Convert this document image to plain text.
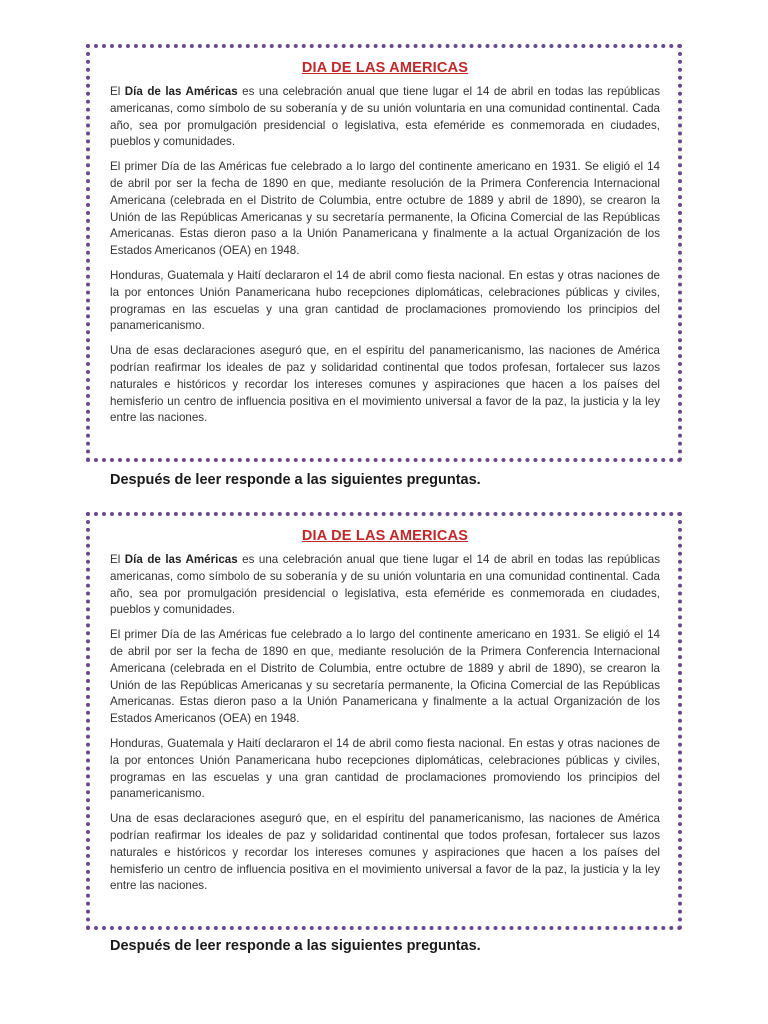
DIA DE LAS AMERICAS

El Día de las Américas es una celebración anual que tiene lugar el 14 de abril en todas las repúblicas americanas, como símbolo de su soberanía y de su unión voluntaria en una comunidad continental. Cada año, sea por promulgación presidencial o legislativa, esta efeméride es conmemorada en ciudades, pueblos y comunidades.

El primer Día de las Américas fue celebrado a lo largo del continente americano en 1931. Se eligió el 14 de abril por ser la fecha de 1890 en que, mediante resolución de la Primera Conferencia Internacional Americana (celebrada en el Distrito de Columbia, entre octubre de 1889 y abril de 1890), se crearon la Unión de las Repúblicas Americanas y su secretaría permanente, la Oficina Comercial de las Repúblicas Americanas. Estas dieron paso a la Unión Panamericana y finalmente a la actual Organización de los Estados Americanos (OEA) en 1948.

Honduras, Guatemala y Haití declararon el 14 de abril como fiesta nacional. En estas y otras naciones de la por entonces Unión Panamericana hubo recepciones diplomáticas, celebraciones públicas y civiles, programas en las escuelas y una gran cantidad de proclamaciones promoviendo los principios del panamericanismo.

Una de esas declaraciones aseguró que, en el espíritu del panamericanismo, las naciones de América podrían reafirmar los ideales de paz y solidaridad continental que todos profesan, fortalecer sus lazos naturales e históricos y recordar los intereses comunes y aspiraciones que hacen a los países del hemisferio un centro de influencia positiva en el movimiento universal a favor de la paz, la justicia y la ley entre las naciones.

Después de leer responde a las siguientes preguntas.
DIA DE LAS AMERICAS

El Día de las Américas es una celebración anual que tiene lugar el 14 de abril en todas las repúblicas americanas, como símbolo de su soberanía y de su unión voluntaria en una comunidad continental. Cada año, sea por promulgación presidencial o legislativa, esta efeméride es conmemorada en ciudades, pueblos y comunidades.

El primer Día de las Américas fue celebrado a lo largo del continente americano en 1931. Se eligió el 14 de abril por ser la fecha de 1890 en que, mediante resolución de la Primera Conferencia Internacional Americana (celebrada en el Distrito de Columbia, entre octubre de 1889 y abril de 1890), se crearon la Unión de las Repúblicas Americanas y su secretaría permanente, la Oficina Comercial de las Repúblicas Americanas. Estas dieron paso a la Unión Panamericana y finalmente a la actual Organización de los Estados Americanos (OEA) en 1948.

Honduras, Guatemala y Haití declararon el 14 de abril como fiesta nacional. En estas y otras naciones de la por entonces Unión Panamericana hubo recepciones diplomáticas, celebraciones públicas y civiles, programas en las escuelas y una gran cantidad de proclamaciones promoviendo los principios del panamericanismo.

Una de esas declaraciones aseguró que, en el espíritu del panamericanismo, las naciones de América podrían reafirmar los ideales de paz y solidaridad continental que todos profesan, fortalecer sus lazos naturales e históricos y recordar los intereses comunes y aspiraciones que hacen a los países del hemisferio un centro de influencia positiva en el movimiento universal a favor de la paz, la justicia y la ley entre las naciones.

Después de leer responde a las siguientes preguntas.
